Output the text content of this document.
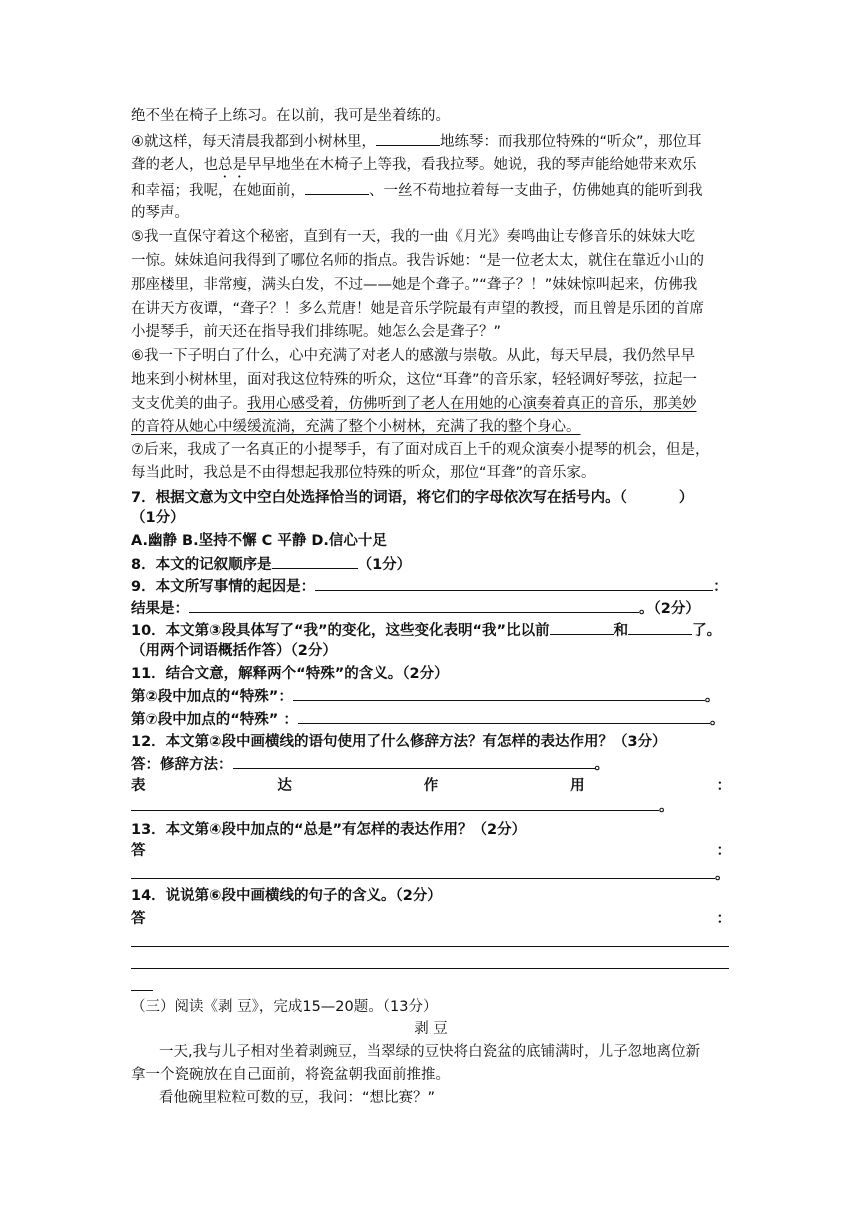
绝不坐在椅子上练习。在以前，我可是坐着练的。
④就这样，每天清晨我都到小树林里，	地练琴：而我那位特殊的“听众”，那位耳
聋的老人，也总是早早地坐在木椅子上等我，看我拉琴。她说，我的琴声能给她带来欢乐
和幸福；我呢，在她面前，	、一丝不苟地拉着每一支曲子，仿佛她真的能听到我
的琴声。
⑤我一直保守着这个秘密，直到有一天，我的一曲《月光》奏鸣曲让专修音乐的妹妹大吃
一惊。妹妹追问我得到了哪位名师的指点。我告诉她：“是一位老太太，就住在靠近小山的
那座楼里，非常瘦，满头白发，不过——她是个聋子。”“聋子？！”妹妹惊叫起来，仿佛我
在讲天方夜谭，“聋子？！多么荒唐！她是音乐学院最有声望的教授，而且曾是乐团的首席
小提琴手，前天还在指导我们排练呢。她怎么会是聋子？”
⑥我一下子明白了什么，心中充满了对老人的感激与崇敬。从此，每天早晨，我仍然早早
地来到小树林里，面对我这位特殊的听众，这位“耳聋”的音乐家，轻轻调好琴弦，拉起一
支支优美的曲子。我用心感受着，仿佛听到了老人在用她的心演奏着真正的音乐，那美妙
的音符从她心中缓缓流淌，充满了整个小树林，充满了我的整个身心。
⑦后来，我成了一名真正的小提琴手，有了面对成百上千的观众演奏小提琴的机会，但是，
每当此时，我总是不由得想起我那位特殊的听众，那位“耳聋”的音乐家。
7．根据文意为文中空白处选择恰当的词语，将它们的字母依次写在括号内。（	）
（1分）
A.幽静 B.坚持不懈 C 平静 D.信心十足
8．本文的记叙顺序是	（1分）
9．本文所写事情的起因是：	：
结果是：	。（2分）
10．本文第③段具体写了“我”的变化，这些变化表明“我”比以前	和	了。
（用两个词语概括作答）（2分）
11．结合文意，解释两个“特殊”的含义。（2分）
第②段中加点的“特殊”：	。
第⑦段中加点的“特殊” ：	。
12．本文第②段中画横线的语句使用了什么修辞方法？有怎样的表达作用？（3分）
答：修辞方法：	。
表	达	作	用	：
。
13．本文第④段中加点的“总是”有怎样的表达作用？（2分）
答	：
。
14．说说第⑥段中画横线的句子的含义。（2分）
答	：
（三）阅读《剥 豆》，完成15—20题。（13分）
剥 豆
一天,我与儿子相对坐着剥豌豆，当翠绿的豆快将白瓷盆的底铺满时，儿子忽地离位新
拿一个瓷碗放在自己面前，将瓷盆朝我面前推推。
看他碗里粒粒可数的豆，我问：“想比赛？”
